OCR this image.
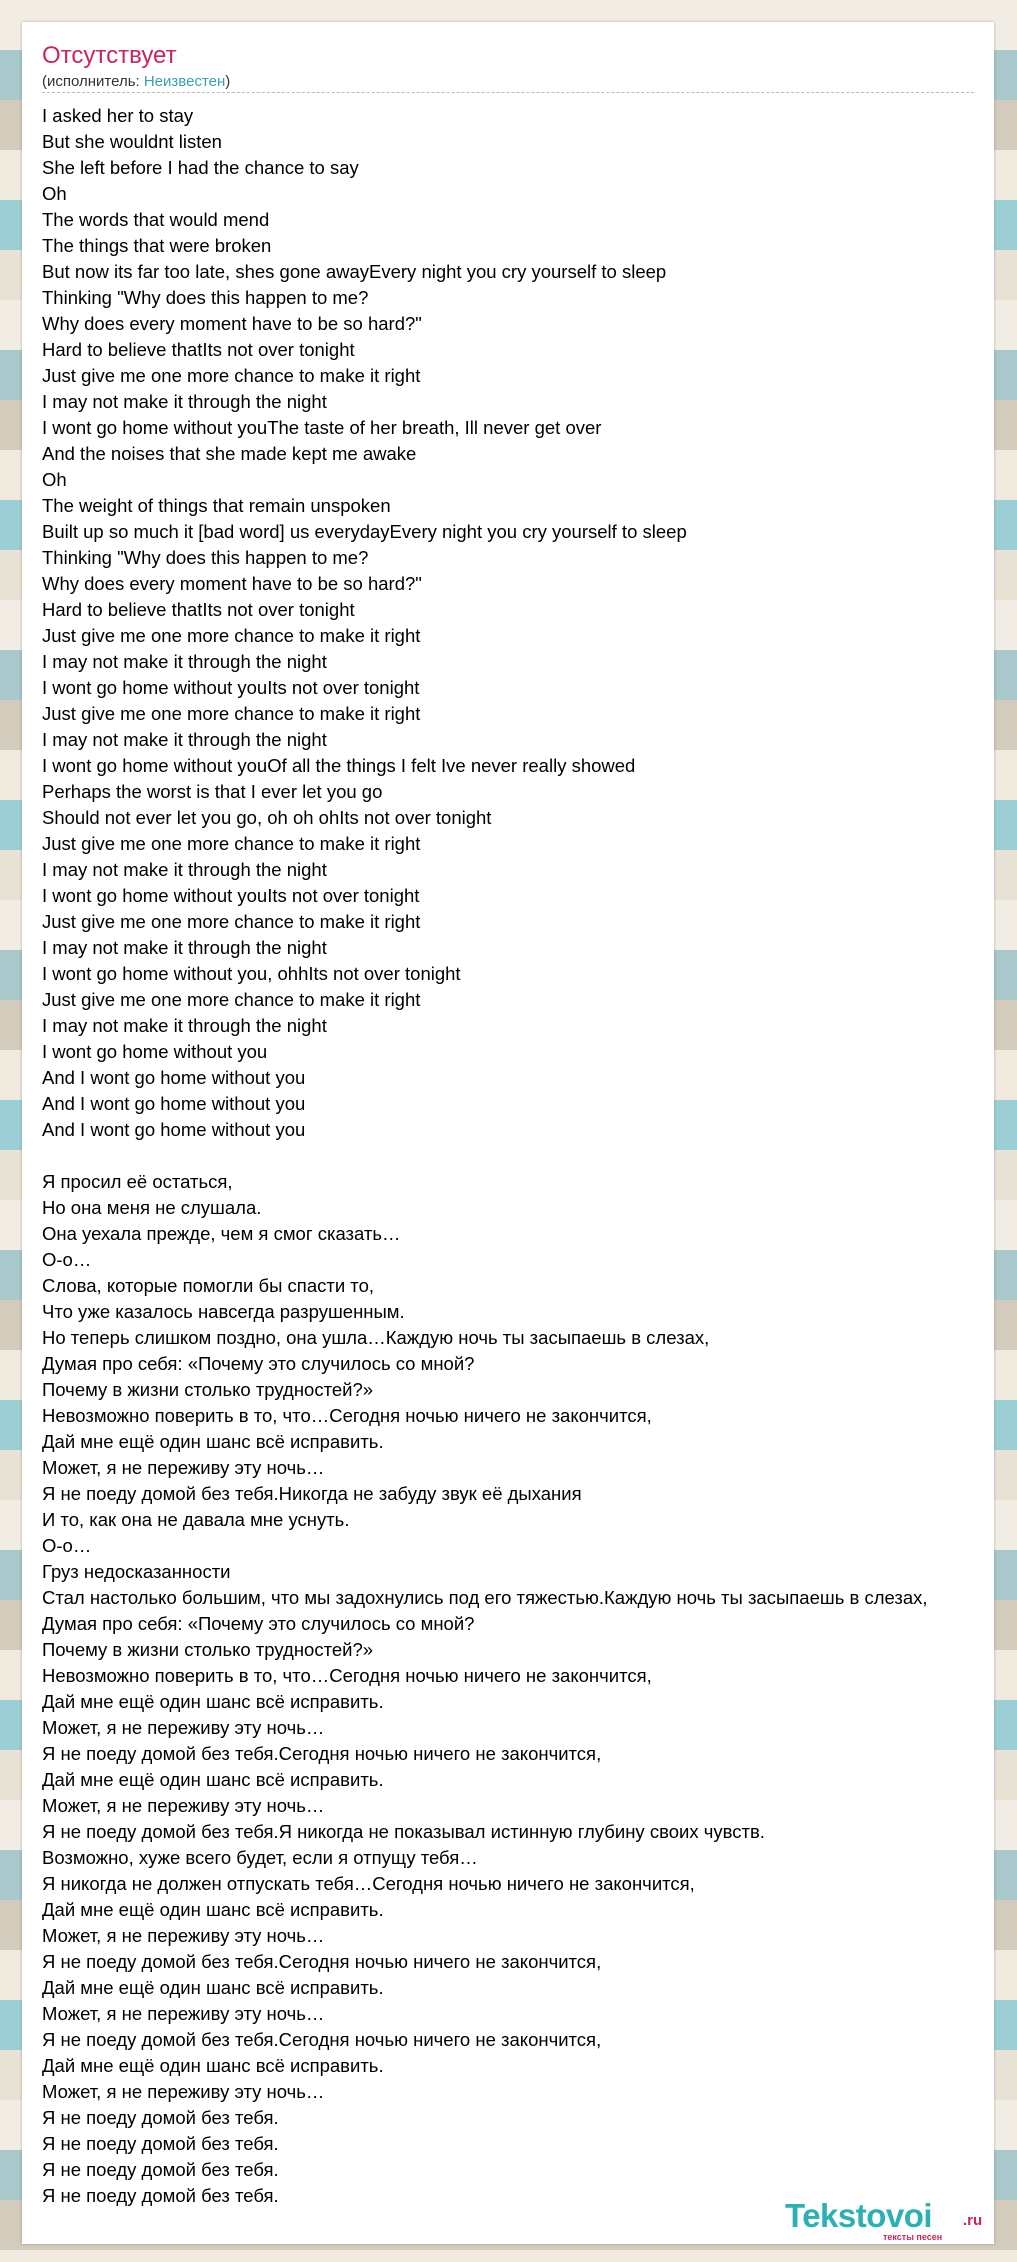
Отсутствует
(исполнитель: Неизвестен)
I asked her to stay
But she wouldnt listen
She left before I had the chance to say
Oh
The words that would mend
The things that were broken
But now its far too late, shes gone awayEvery night you cry yourself to sleep
Thinking "Why does this happen to me?
Why does every moment have to be so hard?"
Hard to believe thatIts not over tonight
Just give me one more chance to make it right
I may not make it through the night
I wont go home without youThe taste of her breath, Ill never get over
And the noises that she made kept me awake
Oh
The weight of things that remain unspoken
Built up so much it [bad word] us everydayEvery night you cry yourself to sleep
Thinking "Why does this happen to me?
Why does every moment have to be so hard?"
Hard to believe thatIts not over tonight
Just give me one more chance to make it right
I may not make it through the night
I wont go home without youIts not over tonight
Just give me one more chance to make it right
I may not make it through the night
I wont go home without youOf all the things I felt Ive never really showed
Perhaps the worst is that I ever let you go
Should not ever let you go, oh oh ohIts not over tonight
Just give me one more chance to make it right
I may not make it through the night
I wont go home without youIts not over tonight
Just give me one more chance to make it right
I may not make it through the night
I wont go home without you, ohhIts not over tonight
Just give me one more chance to make it right
I may not make it through the night
I wont go home without you
And I wont go home without you
And I wont go home without you
And I wont go home without you
Я просил её остаться,
Но она меня не слушала.
Она уехала прежде, чем я смог сказать…
О-о…
Слова, которые помогли бы спасти то,
Что уже казалось навсегда разрушенным.
Но теперь слишком поздно, она ушла…Каждую ночь ты засыпаешь в слезах,
Думая про себя: «Почему это случилось со мной?
Почему в жизни столько трудностей?»
Невозможно поверить в то, что…Сегодня ночью ничего не закончится,
Дай мне ещё один шанс всё исправить.
Может, я не переживу эту ночь…
Я не поеду домой без тебя.Никогда не забуду звук её дыхания
И то, как она не давала мне уснуть.
О-о…
Груз недосказанности
Стал настолько большим, что мы задохнулись под его тяжестью.Каждую ночь ты засыпаешь в слезах,
Думая про себя: «Почему это случилось со мной?
Почему в жизни столько трудностей?»
Невозможно поверить в то, что…Сегодня ночью ничего не закончится,
Дай мне ещё один шанс всё исправить.
Может, я не переживу эту ночь…
Я не поеду домой без тебя.Сегодня ночью ничего не закончится,
Дай мне ещё один шанс всё исправить.
Может, я не переживу эту ночь…
Я не поеду домой без тебя.Я никогда не показывал истинную глубину своих чувств.
Возможно, хуже всего будет, если я отпущу тебя…
Я никогда не должен отпускать тебя…Сегодня ночью ничего не закончится,
Дай мне ещё один шанс всё исправить.
Может, я не переживу эту ночь…
Я не поеду домой без тебя.Сегодня ночью ничего не закончится,
Дай мне ещё один шанс всё исправить.
Может, я не переживу эту ночь…
Я не поеду домой без тебя.Сегодня ночью ничего не закончится,
Дай мне ещё один шанс всё исправить.
Может, я не переживу эту ночь…
Я не поеду домой без тебя.
Я не поеду домой без тебя.
Я не поеду домой без тебя.
Я не поеду домой без тебя.
Tekstovoi .ru
тексты песен
